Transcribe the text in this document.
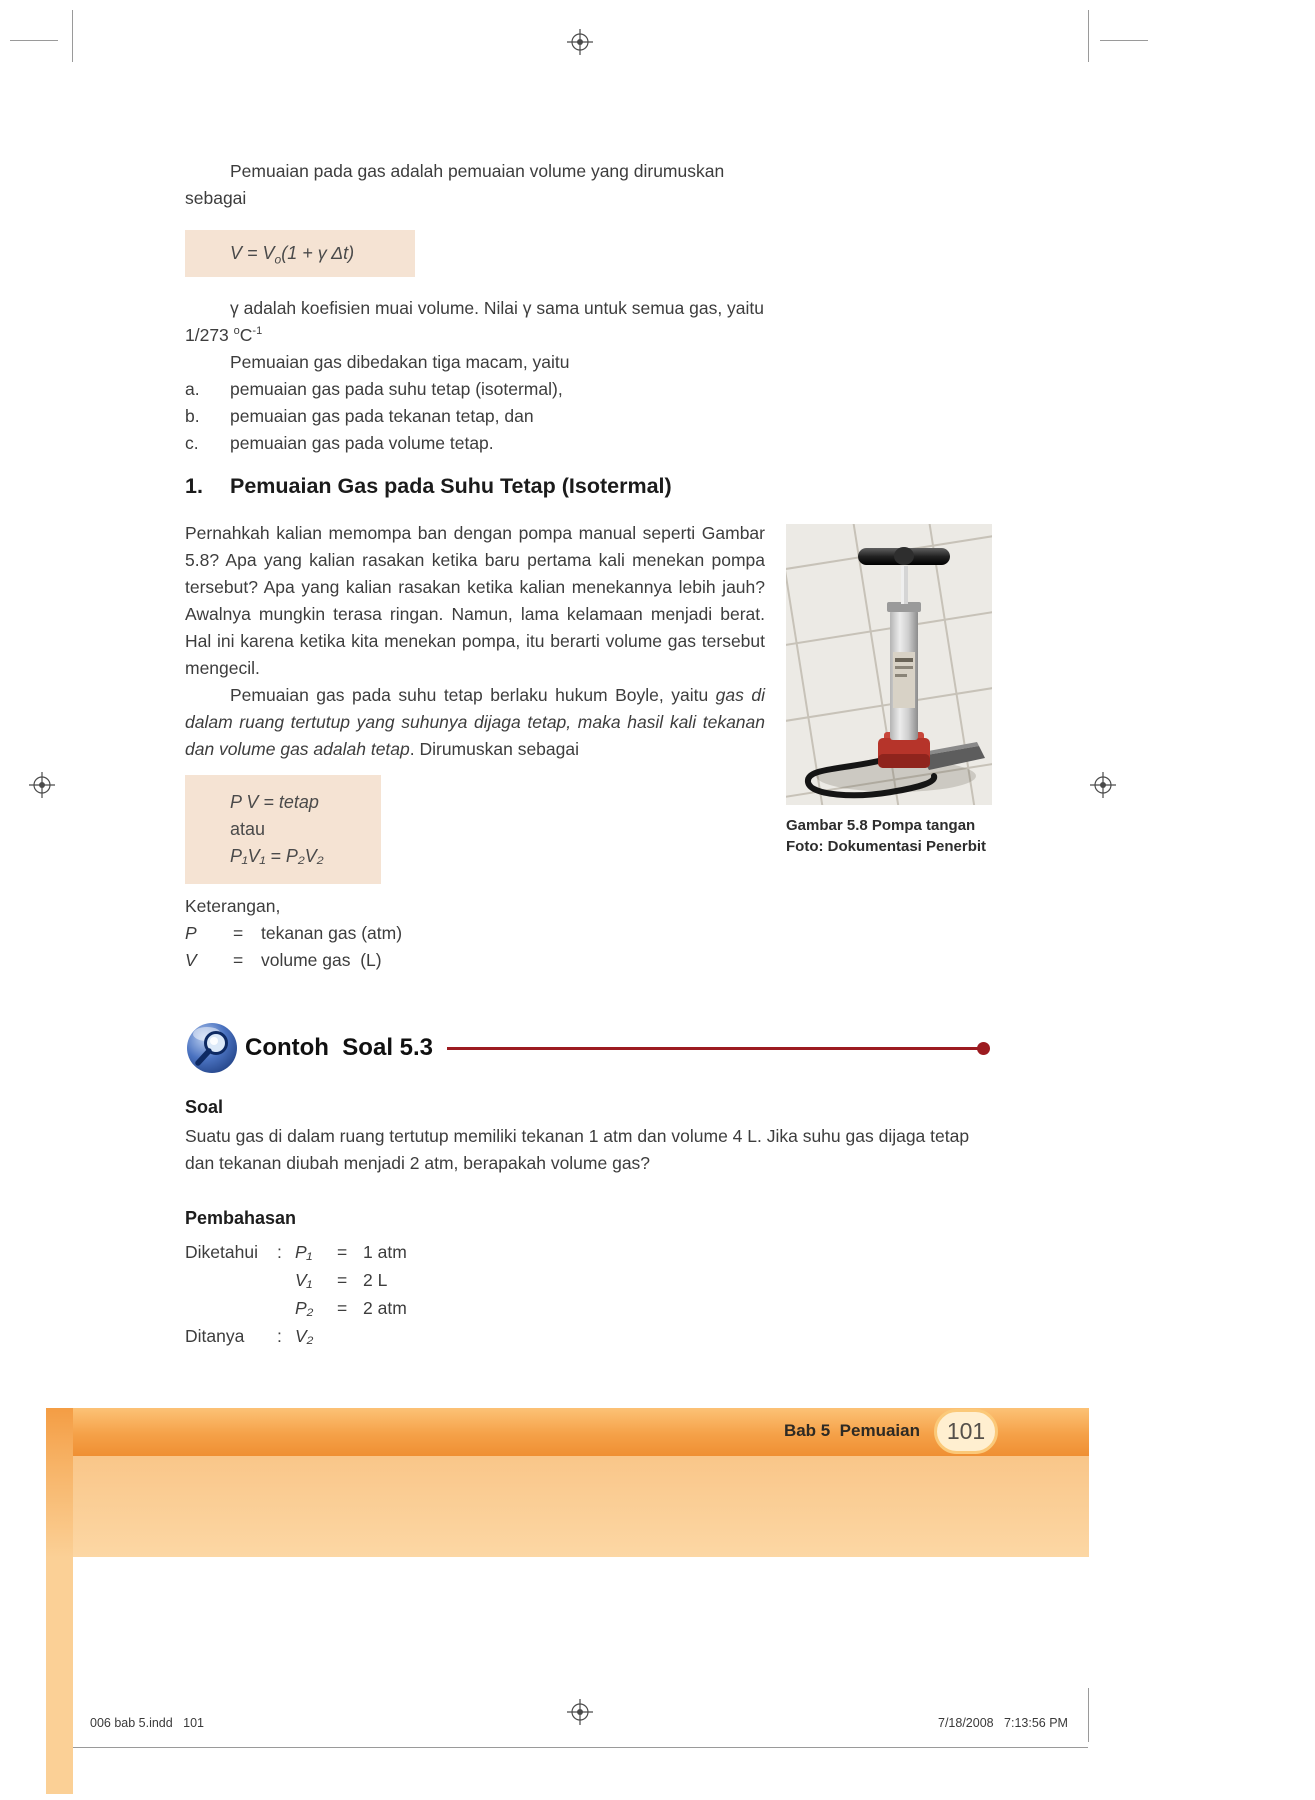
Pemuaian pada gas adalah pemuaian volume yang dirumuskan sebagai

$V = V_o(1 + \gamma$ Δt)

γ adalah koefisien muai volume. Nilai γ sama untuk semua gas, yaitu 1/273 $^oC^{-1}$

Pemuaian gas dibedakan tiga macam, yaitu

a.	pemuaian gas pada suhu tetap (isotermal),
b.	pemuaian gas pada tekanan tetap, dan
c.	pemuaian gas pada volume tetap.
1.	Pemuaian Gas pada Suhu Tetap (Isotermal)

Pernahkah kalian memompa ban dengan pompa manual seperti Gambar 5.8? Apa yang kalian rasakan ketika baru pertama kali menekan pompa tersebut? Apa yang kalian rasakan ketika kalian menekannya lebih jauh? Awalnya mungkin terasa ringan. Namun, lama kelamaan menjadi berat. Hal ini karena ketika kita menekan pompa, itu berarti volume gas tersebut mengecil.

Pemuaian gas pada suhu tetap berlaku hukum Boyle, yaitu gas di dalam ruang tertutup yang suhunya dijaga tetap, maka hasil kali tekanan dan volume gas adalah tetap. Dirumuskan sebagai

P V = tetap
atau
P₁V₁ = P₂V₂
Gambar 5.8 Pompa tangan
Foto: Dokumentasi Penerbit
Keterangan,
P	=	tekanan gas (atm)
V	=	volume gas  (L)
Contoh  Soal 5.3
Soal

Suatu gas di dalam ruang tertutup memiliki tekanan 1 atm dan volume 4 L. Jika suhu gas dijaga tetap dan tekanan diubah menjadi 2 atm, berapakah volume gas?

Pembahasan
Diketahui	: P₁	= 1 atm
V₁	= 2 L
P₂	= 2 atm
Ditanya	: V₂
Bab 5  Pemuaian 101
006 bab 5.indd   101	7/18/2008   7:13:56 PM
